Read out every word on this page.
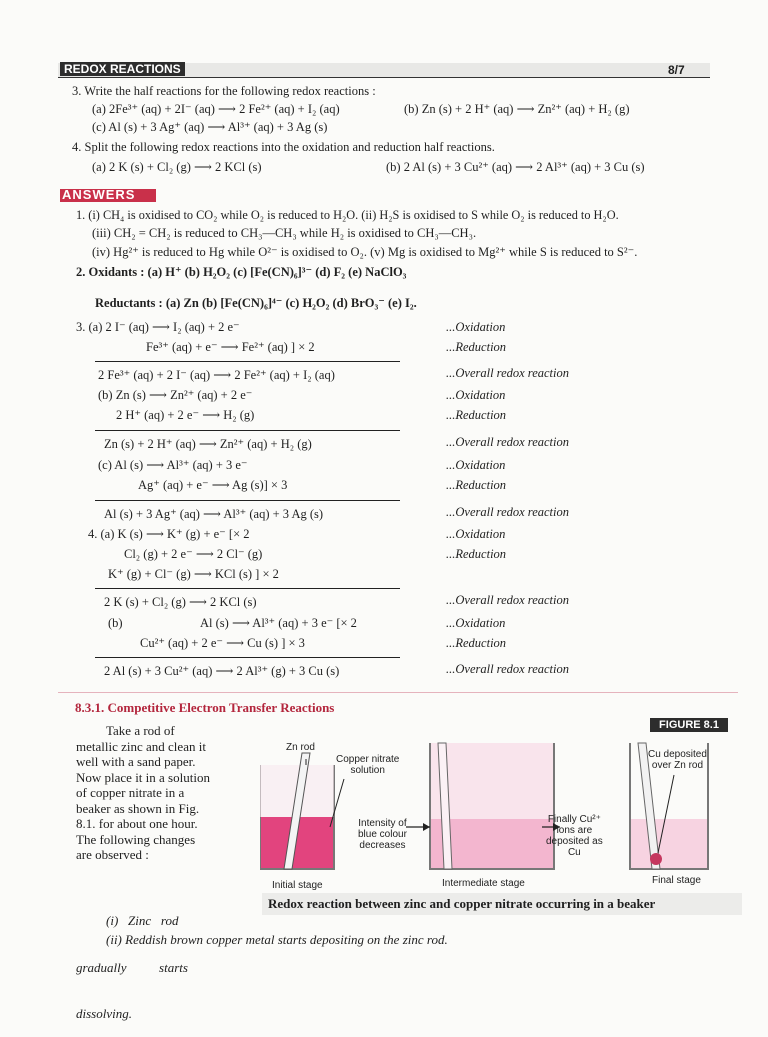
REDOX REACTIONS	8/7
3. Write the half reactions for the following redox reactions :
(a) 2Fe³⁺ (aq) + 2I⁻ (aq) ⟶ 2 Fe²⁺ (aq) + I₂ (aq)	(b) Zn (s) + 2 H⁺ (aq) ⟶ Zn²⁺ (aq) + H₂ (g)
(c) Al (s) + 3 Ag⁺ (aq) ⟶ Al³⁺ (aq) + 3 Ag (s)
4. Split the following redox reactions into the oxidation and reduction half reactions.
(a) 2 K (s) + Cl₂ (g) ⟶ 2 KCl (s)	(b) 2 Al (s) + 3 Cu²⁺ (aq) ⟶ 2 Al³⁺ (aq) + 3 Cu (s)
ANSWERS
1. (i) CH₄ is oxidised to CO₂ while O₂ is reduced to H₂O. (ii) H₂S is oxidised to S while O₂ is reduced to H₂O.
(iii) CH₂ = CH₂ is reduced to CH₃—CH₃ while H₂ is oxidised to CH₃—CH₃.
(iv) Hg²⁺ is reduced to Hg while O²⁻ is oxidised to O₂. (v) Mg is oxidised to Mg²⁺ while S is reduced to S²⁻.
2. Oxidants : (a) H⁺ (b) H₂O₂ (c) [Fe(CN)₆]³⁻ (d) F₂ (e) NaClO₃
Reductants : (a) Zn (b) [Fe(CN)₆]⁴⁻ (c) H₂O₂ (d) BrO₃⁻ (e) I₂.
3. (a) 2 I⁻ (aq) ⟶ I₂ (aq) + 2 e⁻	...Oxidation
Fe³⁺ (aq) + e⁻ ⟶ Fe²⁺ (aq) ] × 2	...Reduction
2 Fe³⁺ (aq) + 2 I⁻ (aq) ⟶ 2 Fe²⁺ (aq) + I₂ (aq)	...Overall redox reaction
(b) Zn (s) ⟶ Zn²⁺ (aq) + 2 e⁻	...Oxidation
2 H⁺ (aq) + 2 e⁻ ⟶ H₂ (g)	...Reduction
Zn (s) + 2 H⁺ (aq) ⟶ Zn²⁺ (aq) + H₂ (g)	...Overall redox reaction
(c) Al (s) ⟶ Al³⁺ (aq) + 3 e⁻	...Oxidation
Ag⁺ (aq) + e⁻ ⟶ Ag (s)] × 3	...Reduction
Al (s) + 3 Ag⁺ (aq) ⟶ Al³⁺ (aq) + 3 Ag (s)	...Overall redox reaction
4. (a) K (s) ⟶ K⁺ (g) + e⁻ [× 2	...Oxidation
Cl₂ (g) + 2 e⁻ ⟶ 2 Cl⁻ (g)	...Reduction
K⁺ (g) + Cl⁻ (g) ⟶ KCl (s) ] × 2
2 K (s) + Cl₂ (g) ⟶ 2 KCl (s)	...Overall redox reaction
(b)	Al (s) ⟶ Al³⁺ (aq) + 3 e⁻ [× 2	...Oxidation
Cu²⁺ (aq) + 2 e⁻ ⟶ Cu (s) ] × 3	...Reduction
2 Al (s) + 3 Cu²⁺ (aq) ⟶ 2 Al³⁺ (g) + 3 Cu (s)	...Overall redox reaction
8.3.1. Competitive Electron Transfer Reactions
FIGURE 8.1
Take a rod of
metallic zinc and clean it
well with a sand paper.
Now place it in a solution
of copper nitrate in a
beaker as shown in Fig.
8.1. for about one hour.
The following changes
are observed :

(i)   Zinc   rod

gradually          starts

dissolving.

(ii) Reddish brown copper metal starts depositing on the zinc rod.
Zn rod
Copper nitrate
solution
Intensity of
blue colour
decreases
Finally Cu²⁺
ions are
deposited as
Cu
Cu deposited
over Zn rod
Initial stage	Intermediate stage	Final stage
Redox reaction between zinc and copper nitrate occurring in a beaker
